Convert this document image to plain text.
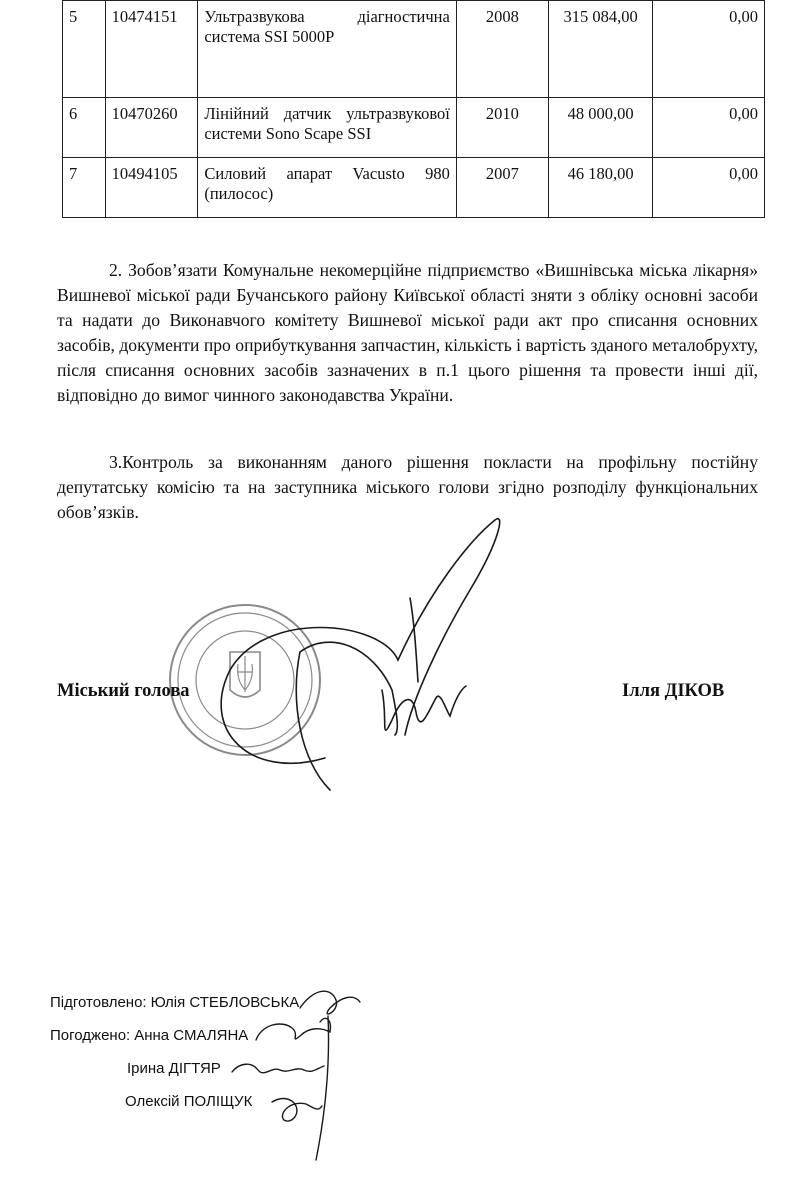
5	10474151	Ультразвукова діагностична система SSI 5000P	2008	315 084,00	0,00
6	10470260	Лінійний датчик ультразвукової системи Sono Scape SSI	2010	48 000,00	0,00
7	10494105	Силовий апарат Vacusto 980 (пилосос)	2007	46 180,00	0,00

2. Зобов’язати Комунальне некомерційне підприємство «Вишнівська міська лікарня» Вишневої міської ради Бучанського району Київської області зняти з обліку основні засоби та надати до Виконавчого комітету Вишневої міської ради акт про списання основних засобів, документи про оприбуткування запчастин, кількість і вартість зданого металобрухту, після списання основних засобів зазначених в п.1 цього рішення та провести інші дії, відповідно до вимог чинного законодавства України.

3.Контроль за виконанням даного рішення покласти на профільну постійну депутатську комісію та на заступника міського голови згідно розподілу функціональних обов’язків.

Міський голова	Ілля ДІКОВ
Підготовлено: Юлія СТЕБЛОВСЬКА
Погоджено: Анна СМАЛЯНА
Ірина ДІГТЯР
Олексій ПОЛІЩУК
